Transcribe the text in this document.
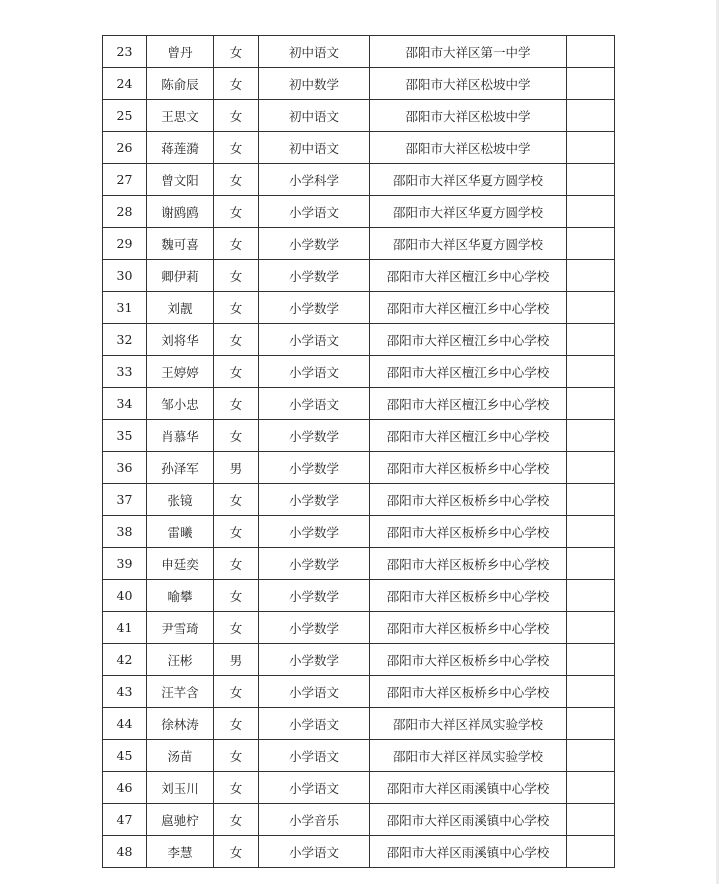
23	曾丹	女	初中语文	邵阳市大祥区第一中学	
24	陈俞辰	女	初中数学	邵阳市大祥区松坡中学	
25	王思文	女	初中语文	邵阳市大祥区松坡中学	
26	蒋莲漪	女	初中语文	邵阳市大祥区松坡中学	
27	曾文阳	女	小学科学	邵阳市大祥区华夏方圆学校	
28	谢鸥鸥	女	小学语文	邵阳市大祥区华夏方圆学校	
29	魏可喜	女	小学数学	邵阳市大祥区华夏方圆学校	
30	卿伊莉	女	小学数学	邵阳市大祥区檀江乡中心学校	
31	刘靓	女	小学数学	邵阳市大祥区檀江乡中心学校	
32	刘将华	女	小学语文	邵阳市大祥区檀江乡中心学校	
33	王婷婷	女	小学语文	邵阳市大祥区檀江乡中心学校	
34	邹小忠	女	小学语文	邵阳市大祥区檀江乡中心学校	
35	肖慕华	女	小学数学	邵阳市大祥区檀江乡中心学校	
36	孙泽军	男	小学数学	邵阳市大祥区板桥乡中心学校	
37	张镜	女	小学数学	邵阳市大祥区板桥乡中心学校	
38	雷曦	女	小学数学	邵阳市大祥区板桥乡中心学校	
39	申廷奕	女	小学数学	邵阳市大祥区板桥乡中心学校	
40	喻攀	女	小学数学	邵阳市大祥区板桥乡中心学校	
41	尹雪琦	女	小学数学	邵阳市大祥区板桥乡中心学校	
42	汪彬	男	小学数学	邵阳市大祥区板桥乡中心学校	
43	汪芊含	女	小学语文	邵阳市大祥区板桥乡中心学校	
44	徐林涛	女	小学语文	邵阳市大祥区祥凤实验学校	
45	汤苗	女	小学语文	邵阳市大祥区祥凤实验学校	
46	刘玉川	女	小学语文	邵阳市大祥区雨溪镇中心学校	
47	扈驰柠	女	小学音乐	邵阳市大祥区雨溪镇中心学校	
48	李慧	女	小学语文	邵阳市大祥区雨溪镇中心学校	
